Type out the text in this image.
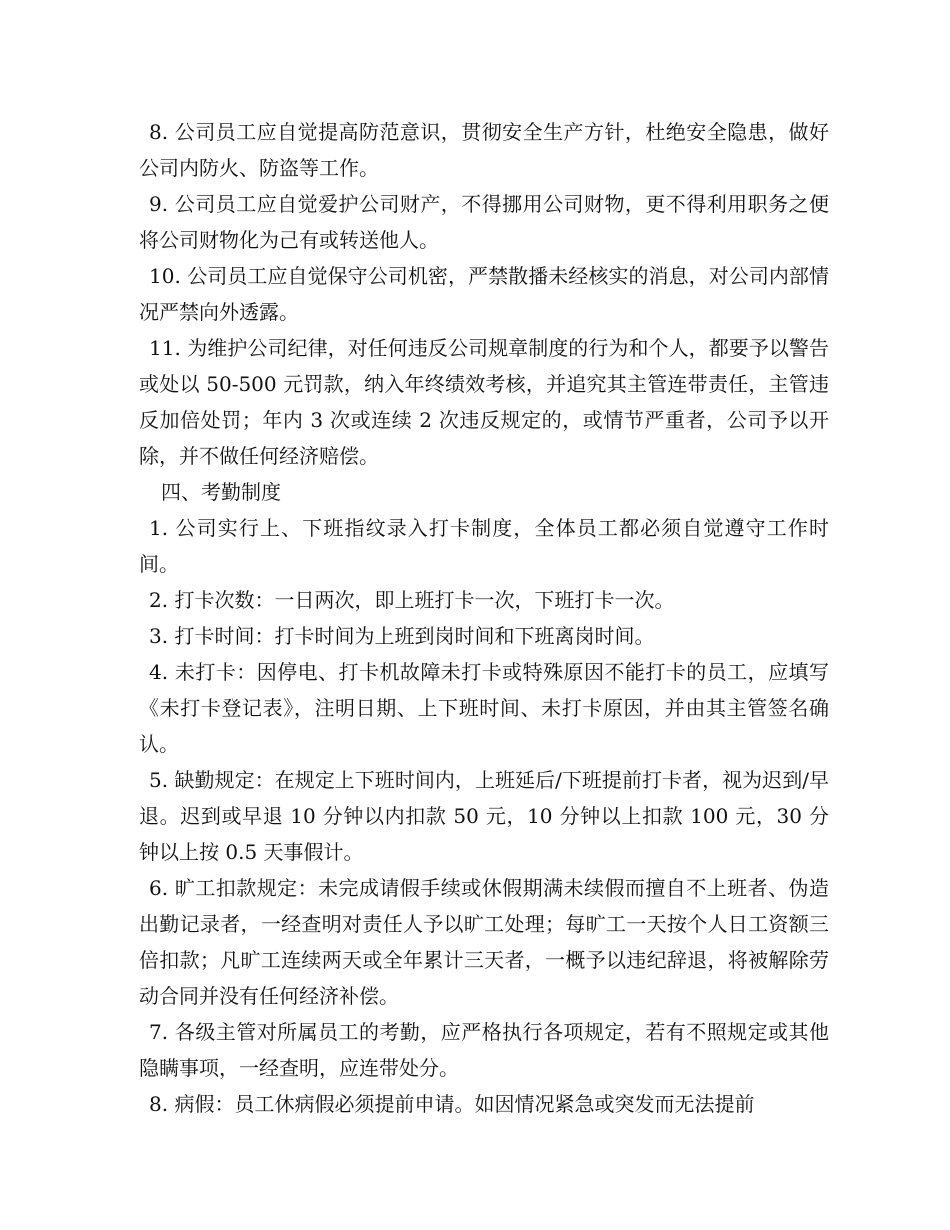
8. 公司员工应自觉提高防范意识，贯彻安全生产方针，杜绝安全隐患，做好公司内防火、防盗等工作。

9. 公司员工应自觉爱护公司财产，不得挪用公司财物，更不得利用职务之便将公司财物化为己有或转送他人。

10. 公司员工应自觉保守公司机密，严禁散播未经核实的消息，对公司内部情况严禁向外透露。

11. 为维护公司纪律，对任何违反公司规章制度的行为和个人，都要予以警告或处以 50-500 元罚款，纳入年终绩效考核，并追究其主管连带责任，主管违反加倍处罚；年内 3 次或连续 2 次违反规定的，或情节严重者，公司予以开除，并不做任何经济赔偿。

四、考勤制度

1. 公司实行上、下班指纹录入打卡制度，全体员工都必须自觉遵守工作时间。

2. 打卡次数：一日两次，即上班打卡一次，下班打卡一次。

3. 打卡时间：打卡时间为上班到岗时间和下班离岗时间。

4. 未打卡：因停电、打卡机故障未打卡或特殊原因不能打卡的员工，应填写《未打卡登记表》，注明日期、上下班时间、未打卡原因，并由其主管签名确认。

5. 缺勤规定：在规定上下班时间内，上班延后/下班提前打卡者，视为迟到/早退。迟到或早退 10 分钟以内扣款 50 元，10 分钟以上扣款 100 元，30 分钟以上按 0.5 天事假计。

6. 旷工扣款规定：未完成请假手续或休假期满未续假而擅自不上班者、伪造出勤记录者，一经查明对责任人予以旷工处理；每旷工一天按个人日工资额三倍扣款；凡旷工连续两天或全年累计三天者，一概予以违纪辞退，将被解除劳动合同并没有任何经济补偿。

7. 各级主管对所属员工的考勤，应严格执行各项规定，若有不照规定或其他隐瞒事项，一经查明，应连带处分。

8. 病假：员工休病假必须提前申请。如因情况紧急或突发而无法提前
